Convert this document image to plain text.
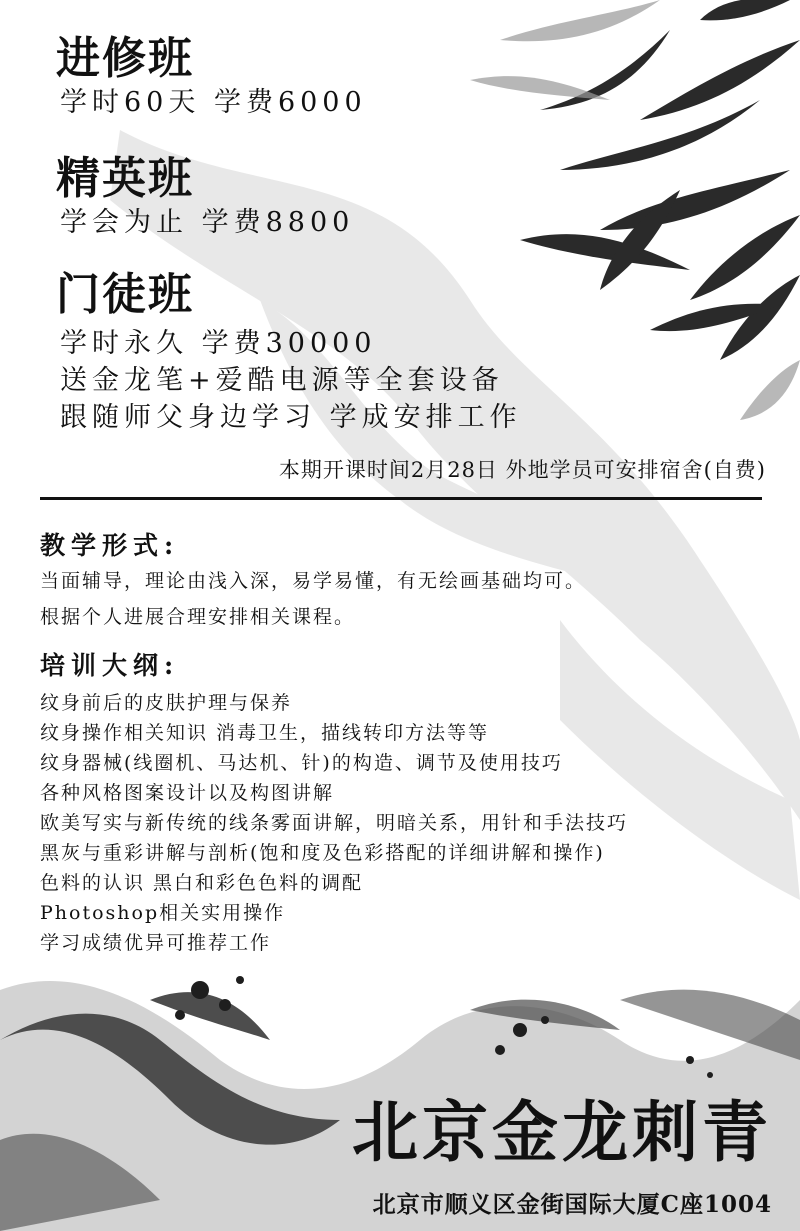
进修班
学时60天 学费6000
精英班
学会为止 学费8800
门徒班
学时永久 学费30000
送金龙笔+爱酷电源等全套设备
跟随师父身边学习 学成安排工作
本期开课时间2月28日 外地学员可安排宿舍(自费)
教学形式:
当面辅导，理论由浅入深，易学易懂，有无绘画基础均可。
根据个人进展合理安排相关课程。
培训大纲:
纹身前后的皮肤护理与保养
纹身操作相关知识 消毒卫生，描线转印方法等等
纹身器械(线圈机、马达机、针)的构造、调节及使用技巧
各种风格图案设计以及构图讲解
欧美写实与新传统的线条雾面讲解，明暗关系，用针和手法技巧
黑灰与重彩讲解与剖析(饱和度及色彩搭配的详细讲解和操作)
色料的认识 黑白和彩色色料的调配
Photoshop相关实用操作
学习成绩优异可推荐工作
北京金龙刺青
北京市顺义区金街国际大厦C座1004
